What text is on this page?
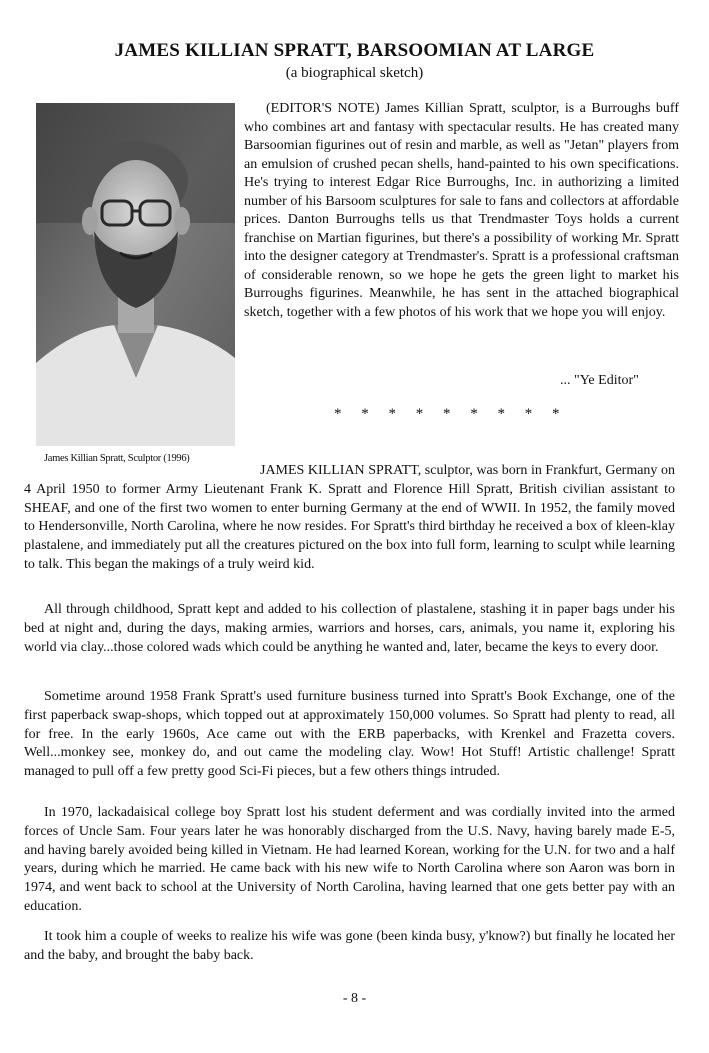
JAMES KILLIAN SPRATT, BARSOOMIAN AT LARGE
(a biographical sketch)
James Killian Spratt, Sculptor (1996)

(EDITOR'S NOTE) James Killian Spratt, sculptor, is a Burroughs buff who combines art and fantasy with spectacular results. He has created many Barsoomian figurines out of resin and marble, as well as "Jetan" players from an emulsion of crushed pecan shells, hand-painted to his own specifications. He's trying to interest Edgar Rice Burroughs, Inc. in authorizing a limited number of his Barsoom sculptures for sale to fans and collectors at affordable prices. Danton Burroughs tells us that Trendmaster Toys holds a current franchise on Martian figurines, but there's a possibility of working Mr. Spratt into the designer category at Trendmaster's. Spratt is a professional craftsman of considerable renown, so we hope he gets the green light to market his Burroughs figurines. Meanwhile, he has sent in the attached biographical sketch, together with a few photos of his work that we hope you will enjoy.

... "Ye Editor"
* * * * * * * * *

JAMES KILLIAN SPRATT, sculptor, was born in Frankfurt, Germany on 4 April 1950 to former Army Lieutenant Frank K. Spratt and Florence Hill Spratt, British civilian assistant to SHEAF, and one of the first two women to enter burning Germany at the end of WWII. In 1952, the family moved to Hendersonville, North Carolina, where he now resides. For Spratt's third birthday he received a box of kleen-klay plastalene, and immediately put all the creatures pictured on the box into full form, learning to sculpt while learning to talk. This began the makings of a truly weird kid.

All through childhood, Spratt kept and added to his collection of plastalene, stashing it in paper bags under his bed at night and, during the days, making armies, warriors and horses, cars, animals, you name it, exploring his world via clay...those colored wads which could be anything he wanted and, later, became the keys to every door.

Sometime around 1958 Frank Spratt's used furniture business turned into Spratt's Book Exchange, one of the first paperback swap-shops, which topped out at approximately 150,000 volumes. So Spratt had plenty to read, all for free. In the early 1960s, Ace came out with the ERB paperbacks, with Krenkel and Frazetta covers. Well...monkey see, monkey do, and out came the modeling clay. Wow! Hot Stuff! Artistic challenge! Spratt managed to pull off a few pretty good Sci-Fi pieces, but a few others things intruded.

In 1970, lackadaisical college boy Spratt lost his student deferment and was cordially invited into the armed forces of Uncle Sam. Four years later he was honorably discharged from the U.S. Navy, having barely made E-5, and having barely avoided being killed in Vietnam. He had learned Korean, working for the U.N. for two and a half years, during which he married. He came back with his new wife to North Carolina where son Aaron was born in 1974, and went back to school at the University of North Carolina, having learned that one gets better pay with an education.

It took him a couple of weeks to realize his wife was gone (been kinda busy, y'know?) but finally he located her and the baby, and brought the baby back.

- 8 -
